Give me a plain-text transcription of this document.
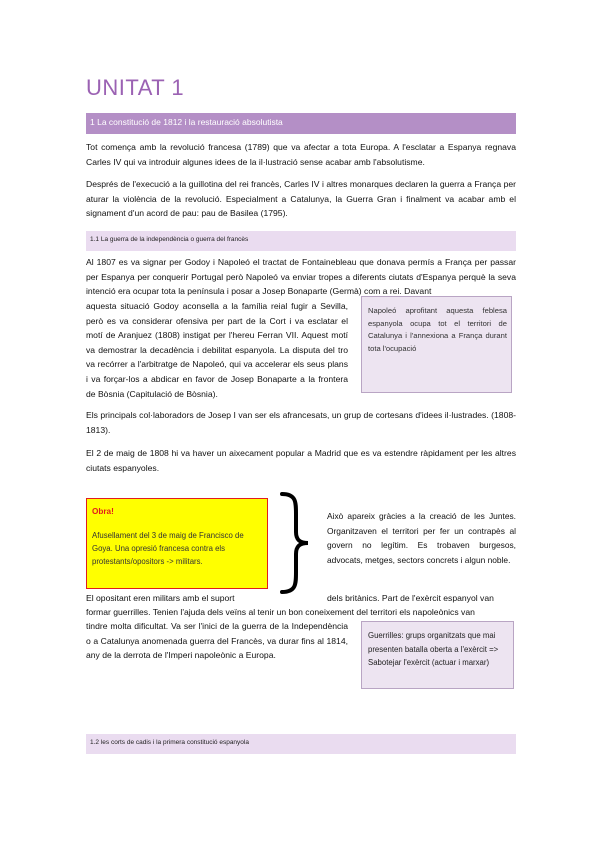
UNITAT 1
1 La constitució de 1812 i la restauració absolutista

Tot comença amb la revolució francesa (1789) que va afectar a tota Europa. A l'esclatar a Espanya regnava Carles IV qui va introduir algunes idees de la il·lustració sense acabar amb l'absolutisme.

Després de l'execució a la guillotina del rei francès, Carles IV i altres monarques declaren la guerra a França per aturar la violència de la revolució. Especialment a Catalunya, la Guerra Gran i finalment va acabar amb el signament d'un acord de pau: pau de Basilea (1795).

1.1 La guerra de la independència o guerra del francès

Al 1807 es va signar per Godoy i Napoleó el tractat de Fontainebleau que donava permís a França per passar per Espanya per conquerir Portugal però Napoleó va enviar tropes a diferents ciutats d'Espanya perquè la seva intenció era ocupar tota la península i posar a Josep Bonaparte (Germà) com a rei. Davant

aquesta situació Godoy aconsella a la família reial fugir a Sevilla, però es va considerar ofensiva per part de la Cort i va esclatar el motí de Aranjuez (1808) instigat per l'hereu Ferran VII. Aquest motí va demostrar la decadència i debilitat espanyola. La disputa del tro va recórrer a l'arbitratge de Napoleó, qui va accelerar els seus plans i va forçar-los a abdicar en favor de Josep Bonaparte a la frontera de Bòsnia (Capitulació de Bòsnia).

Napoleó aprofitant aquesta feblesa espanyola ocupa tot el territori de Catalunya i l'annexiona a França durant tota l'ocupació

Els principals col·laboradors de Josep I van ser els afrancesats, un grup de cortesans d'idees il·lustrades. (1808-1813).

El 2 de maig de 1808 hi va haver un aixecament popular a Madrid que es va estendre ràpidament per les altres ciutats espanyoles.

Obra!
Afusellament del 3 de maig de Francisco de Goya. Una opresió francesa contra els protestants/opositors -> militars.

Això apareix gràcies a la creació de les Juntes. Organitzaven el territori per fer un contrapès al govern no legítim. Es trobaven burgesos, advocats, metges, sectors concrets i algun noble.

El opositant eren militars amb el suport	dels britànics. Part de l'exèrcit espanyol van

formar guerrilles. Tenien l'ajuda dels veïns al tenir un bon coneixement del territori els napoleònics van

tindre molta dificultat. Va ser l'inici de la guerra de la Independència o a Catalunya anomenada guerra del Francès, va durar fins al 1814, any de la derrota de l'Imperi napoleònic a Europa.

Guerrilles: grups organitzats que mai presenten batalla oberta a l'exèrcit => Sabotejar l'exèrcit (actuar i marxar)

1.2 les corts de cadis i la primera constitució espanyola
